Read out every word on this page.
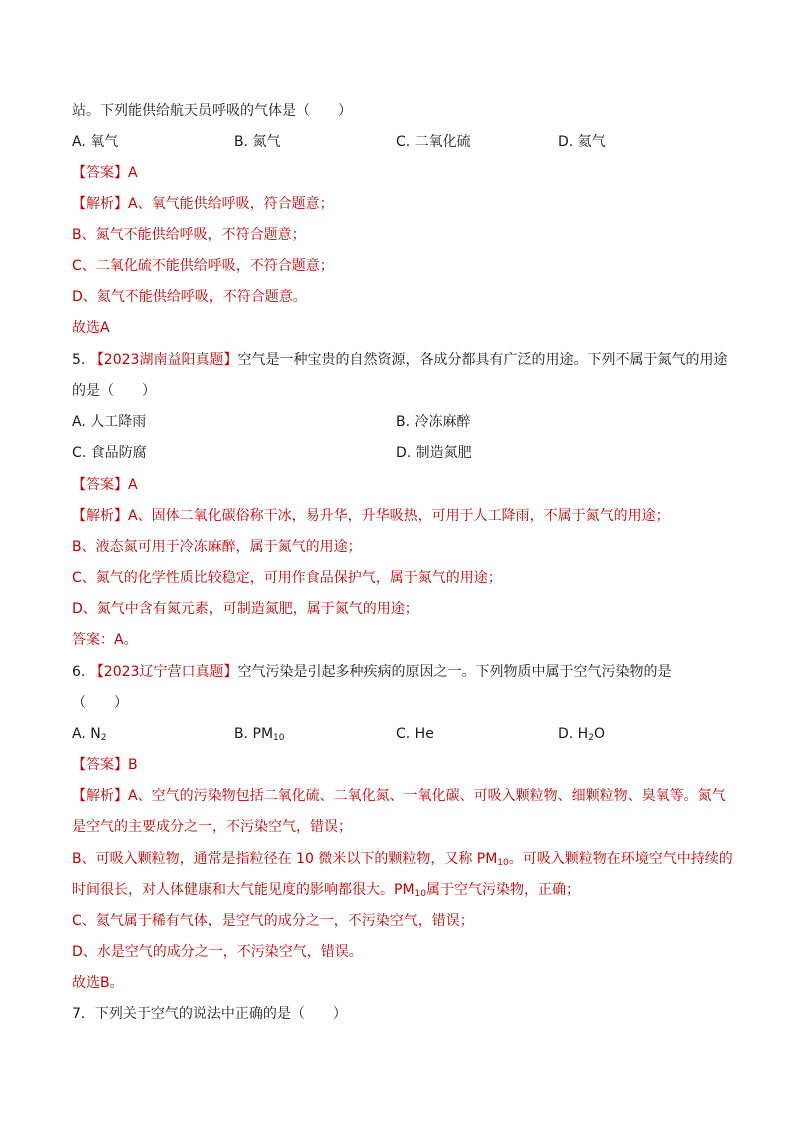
站。下列能供给航天员呼吸的气体是（　　）

A. 氧气	B. 氮气	C. 二氧化硫	D. 氦气

【答案】A

【解析】A、氧气能供给呼吸，符合题意；

B、氮气不能供给呼吸，不符合题意；

C、二氧化硫不能供给呼吸，不符合题意；

D、氦气不能供给呼吸，不符合题意。

故选A

5. 【2023湖南益阳真题】空气是一种宝贵的自然资源，各成分都具有广泛的用途。下列不属于氮气的用途

的是（　　）

A. 人工降雨	B. 冷冻麻醉
C. 食品防腐	D. 制造氮肥

【答案】A

【解析】A、固体二氧化碳俗称干冰，易升华，升华吸热，可用于人工降雨，不属于氮气的用途；

B、液态氮可用于冷冻麻醉，属于氮气的用途；

C、氮气的化学性质比较稳定，可用作食品保护气，属于氮气的用途；

D、氮气中含有氮元素，可制造氮肥，属于氮气的用途；

答案：A。

6. 【2023辽宁营口真题】空气污染是引起多种疾病的原因之一。下列物质中属于空气污染物的是

（　　）

A. $N_2$	B. $PM_{10}$	C. He	D. $H_2O$

【答案】B

【解析】A、空气的污染物包括二氧化硫、二氧化氮、一氧化碳、可吸入颗粒物、细颗粒物、臭氧等。氮气

是空气的主要成分之一，不污染空气，错误；

B、可吸入颗粒物，通常是指粒径在 10 微米以下的颗粒物，又称 $PM_{10}$。可吸入颗粒物在环境空气中持续的

时间很长，对人体健康和大气能见度的影响都很大。$PM_{10}$属于空气污染物，正确；

C、氦气属于稀有气体，是空气的成分之一，不污染空气，错误；

D、水是空气的成分之一，不污染空气，错误。

故选B。

7．下列关于空气的说法中正确的是（　　）
